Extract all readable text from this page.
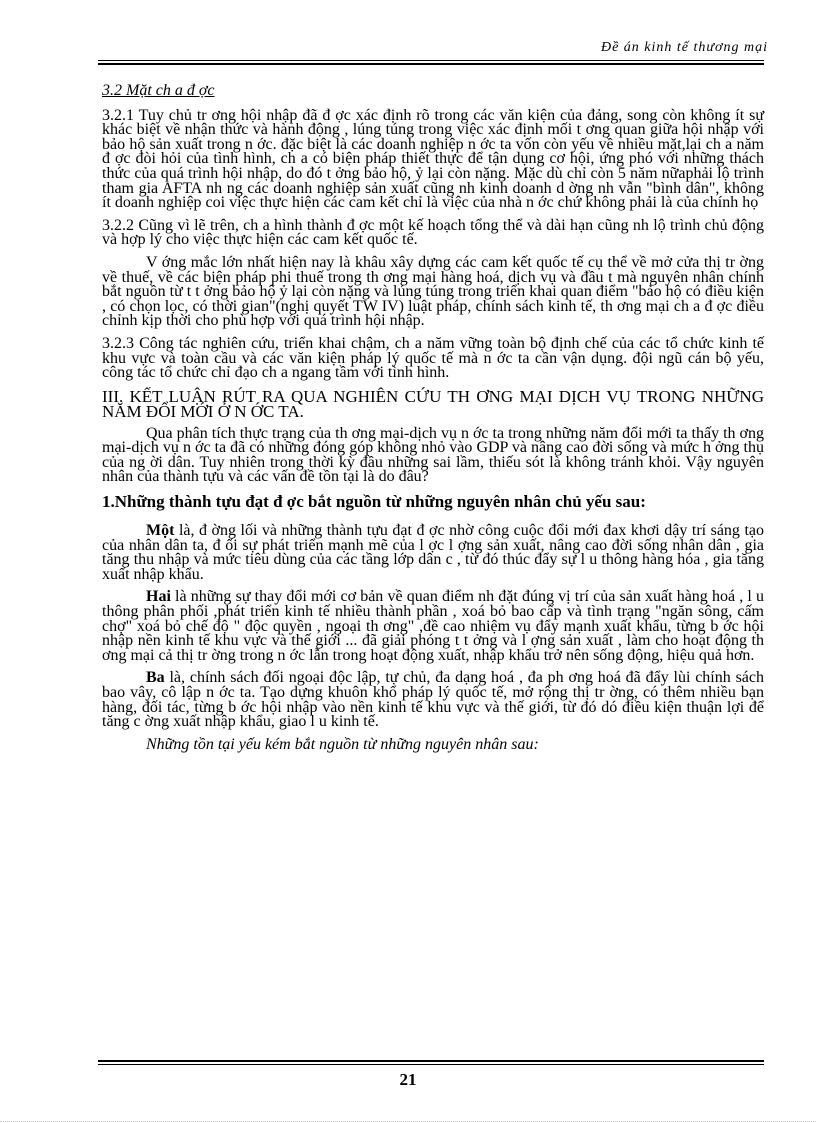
Đề án kinh tế thương mại

3.2 Mặt ch a đ ợc

3.2.1 Tuy chủ tr ơng hội nhập đã đ ợc xác định rõ trong các văn kiện của đảng, song còn không ít sự khác biệt về nhận thức và hành động , lúng túng trong việc xác định mối t ơng quan giữa hội nhập với bảo hộ sản xuất trong n ớc. đặc biệt là các doanh nghiệp n ớc ta vốn còn yếu về nhiều mặt,lại ch a năm đ ợc đòi hỏi của tình hình, ch a có biện pháp thiết thực để tận dụng cơ hội, ứng phó với những thách thức của quá trình hội nhập, do đó t ởng bảo hộ, ỷ lại còn nặng. Mặc dù chỉ còn 5 năm nữaphải lộ trình tham gia AFTA nh ng các doanh nghiệp sản xuất cũng nh kinh doanh d ờng nh vẫn "bình dân", không ít doanh nghiệp coi việc thực hiện các cam kết chỉ là việc của nhà n ớc chứ không phải là của chính họ

3.2.2 Cũng vì lẽ trên, ch a hình thành đ ợc một kế hoạch tổng thể và dài hạn cũng nh lộ trình chủ động và hợp lý cho việc thực hiện các cam kết quốc tế.

V ớng mắc lớn nhất hiện nay là khâu xây dựng các cam kết quốc tế cụ thể về mở cửa thị tr ờng về thuế, về các biện pháp phi thuế trong th ơng mại hàng hoá, dịch vụ và đầu t mà nguyên nhân chính bắt nguồn từ t t ởng bảo hộ ỷ lại còn nặng và lúng túng trong triển khai quan điểm "bảo hộ có điều kiện , có chọn lọc, có thời gian"(nghị quyết TW IV) luật pháp, chính sách kinh tế, th ơng mại ch a đ ợc điều chỉnh kịp thời cho phù hợp với quá trình hội nhập.

3.2.3 Công tác nghiên cứu, triển khai chậm, ch a năm vững toàn bộ định chế của các tổ chức kinh tế khu vực và toàn cầu và các văn kiện pháp lý quốc tế mà n ớc ta cần vận dụng. đội ngũ cán bộ yếu, công tác tổ chức chỉ đạo ch a ngang tầm với tình hình.

III. KẾT LUẬN RÚT RA QUA NGHIÊN CỨU TH ƠNG MẠI DỊCH VỤ TRONG NHỮNG NĂM ĐỔI MỚI Ở N ỚC TA.

Qua phân tích thực trạng của th ơng mại-dịch vụ n ớc ta trong những năm đổi mới ta thấy th ơng mại-dịch vụ n ớc ta đã có những đóng góp không nhỏ vào GDP và nâng cao đời sống và mức h ởng thụ của ng ời dân. Tuy nhiên trong thời kỳ đầu những sai lầm, thiếu sót là không tránh khỏi. Vậy nguyên nhân của thành tựu và các vấn đề tồn tại là do đâu?

1.Những thành tựu đạt đ ợc bắt nguồn từ những nguyên nhân chủ yếu sau:

Một là, đ ờng lối và những thành tựu đạt đ ợc nhờ công cuộc đổi mới đax khơi dậy trí sáng tạo của nhân dân ta, đ ối sự phát triển mạnh mẽ của l ợc l ợng sản xuất, nâng cao đời sống nhân dân , gia tăng thu nhập và mức tiêu dùng của các tầng lớp dân c , từ đó thúc đẩy sự l u thông hàng hóa , gia tăng xuất nhập khẩu.

Hai là những sự thay đổi mới cơ bản về quan điểm nh đặt đúng vị trí của sản xuất hàng hoá , l u thông phân phối ,phát triển kinh tế nhiều thành phần , xoá bỏ bao cấp và tình trạng "ngăn sông, cấm chợ" xoá bỏ chế độ " độc quyền , ngoại th ơng" ,đề cao nhiệm vụ đẩy mạnh xuất khẩu, từng b ớc hội nhập nền kinh tế khu vực và thế giới ... đã giải phóng t t ởng và l ợng sản xuất , làm cho hoạt động th ơng mại cả thị tr ờng trong n ớc lẫn trong hoạt động xuất, nhập khẩu trở nên sống động, hiệu quả hơn.

Ba là, chính sách đối ngoại độc lập, tự chủ, đa dạng hoá , đa ph ơng hoá đã đẩy lùi chính sách bao vây, cô lập n ớc ta. Tạo dựng khuôn khổ pháp lý quốc tế, mở rộng thị tr ờng, có thêm nhiều bạn hàng, đối tác, từng b ớc hội nhập vào nền kinh tế khu vực và thế giới, từ đó dó điều kiện thuận lợi để tăng c ờng xuất nhập khẩu, giao l u kinh tế.

Những tồn tại yếu kém bắt nguồn từ những nguyên nhân sau:

21
